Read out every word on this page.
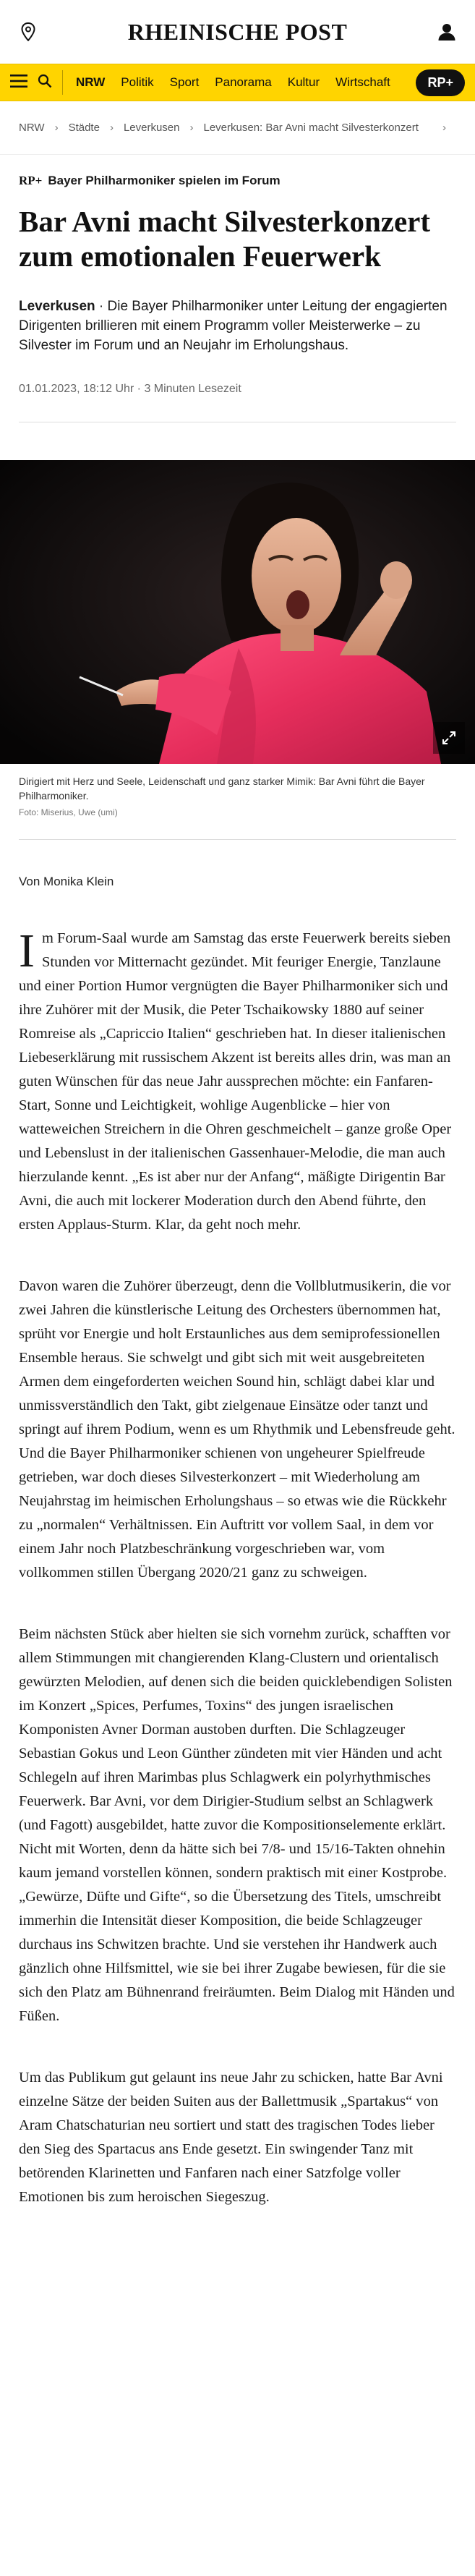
RHEINISCHE POST
NRW Politik Sport Panorama Kultur Wirtschaft	RP+
NRW › Städte › Leverkusen › Leverkusen: Bar Avni macht Silvesterkonzert ›
RP+ Bayer Philharmoniker spielen im Forum
Bar Avni macht Silvesterkonzert zum emotionalen Feuerwerk

Leverkusen · Die Bayer Philharmoniker unter Leitung der engagierten Dirigenten brillieren mit einem Programm voller Meisterwerke – zu Silvester im Forum und an Neujahr im Erholungshaus.

01.01.2023, 18:12 Uhr · 3 Minuten Lesezeit
Dirigiert mit Herz und Seele, Leidenschaft und ganz starker Mimik: Bar Avni führt die Bayer Philharmoniker.
Foto: Miserius, Uwe (umi)
Von Monika Klein

Im Forum-Saal wurde am Samstag das erste Feuerwerk bereits sieben Stunden vor Mitternacht gezündet. Mit feuriger Energie, Tanzlaune und einer Portion Humor vergnügten die Bayer Philharmoniker sich und ihre Zuhörer mit der Musik, die Peter Tschaikowsky 1880 auf seiner Romreise als „Capriccio Italien“ geschrieben hat. In dieser italienischen Liebeserklärung mit russischem Akzent ist bereits alles drin, was man an guten Wünschen für das neue Jahr aussprechen möchte: ein Fanfaren-Start, Sonne und Leichtigkeit, wohlige Augenblicke – hier von watteweichen Streichern in die Ohren geschmeichelt – ganze große Oper und Lebenslust in der italienischen Gassenhauer-Melodie, die man auch hierzulande kennt. „Es ist aber nur der Anfang“, mäßigte Dirigentin Bar Avni, die auch mit lockerer Moderation durch den Abend führte, den ersten Applaus-Sturm. Klar, da geht noch mehr.

Davon waren die Zuhörer überzeugt, denn die Vollblutmusikerin, die vor zwei Jahren die künstlerische Leitung des Orchesters übernommen hat, sprüht vor Energie und holt Erstaunliches aus dem semiprofessionellen Ensemble heraus. Sie schwelgt und gibt sich mit weit ausgebreiteten Armen dem eingeforderten weichen Sound hin, schlägt dabei klar und unmissverständlich den Takt, gibt zielgenaue Einsätze oder tanzt und springt auf ihrem Podium, wenn es um Rhythmik und Lebensfreude geht. Und die Bayer Philharmoniker schienen von ungeheurer Spielfreude getrieben, war doch dieses Silvesterkonzert – mit Wiederholung am Neujahrstag im heimischen Erholungshaus – so etwas wie die Rückkehr zu „normalen“ Verhältnissen. Ein Auftritt vor vollem Saal, in dem vor einem Jahr noch Platzbeschränkung vorgeschrieben war, vom vollkommen stillen Übergang 2020/21 ganz zu schweigen.

Beim nächsten Stück aber hielten sie sich vornehm zurück, schafften vor allem Stimmungen mit changierenden Klang-Clustern und orientalisch gewürzten Melodien, auf denen sich die beiden quicklebendigen Solisten im Konzert „Spices, Perfumes, Toxins“ des jungen israelischen Komponisten Avner Dorman austoben durften. Die Schlagzeuger Sebastian Gokus und Leon Günther zündeten mit vier Händen und acht Schlegeln auf ihren Marimbas plus Schlagwerk ein polyrhythmisches Feuerwerk. Bar Avni, vor dem Dirigier-Studium selbst an Schlagwerk (und Fagott) ausgebildet, hatte zuvor die Kompositionselemente erklärt. Nicht mit Worten, denn da hätte sich bei 7/8- und 15/16-Takten ohnehin kaum jemand vorstellen können, sondern praktisch mit einer Kostprobe. „Gewürze, Düfte und Gifte“, so die Übersetzung des Titels, umschreibt immerhin die Intensität dieser Komposition, die beide Schlagzeuger durchaus ins Schwitzen brachte. Und sie verstehen ihr Handwerk auch gänzlich ohne Hilfsmittel, wie sie bei ihrer Zugabe bewiesen, für die sie sich den Platz am Bühnenrand freiräumten. Beim Dialog mit Händen und Füßen.

Um das Publikum gut gelaunt ins neue Jahr zu schicken, hatte Bar Avni einzelne Sätze der beiden Suiten aus der Ballettmusik „Spartakus“ von Aram Chatschaturian neu sortiert und statt des tragischen Todes lieber den Sieg des Spartacus ans Ende gesetzt. Ein swingender Tanz mit betörenden Klarinetten und Fanfaren nach einer Satzfolge voller Emotionen bis zum heroischen Siegeszug.
